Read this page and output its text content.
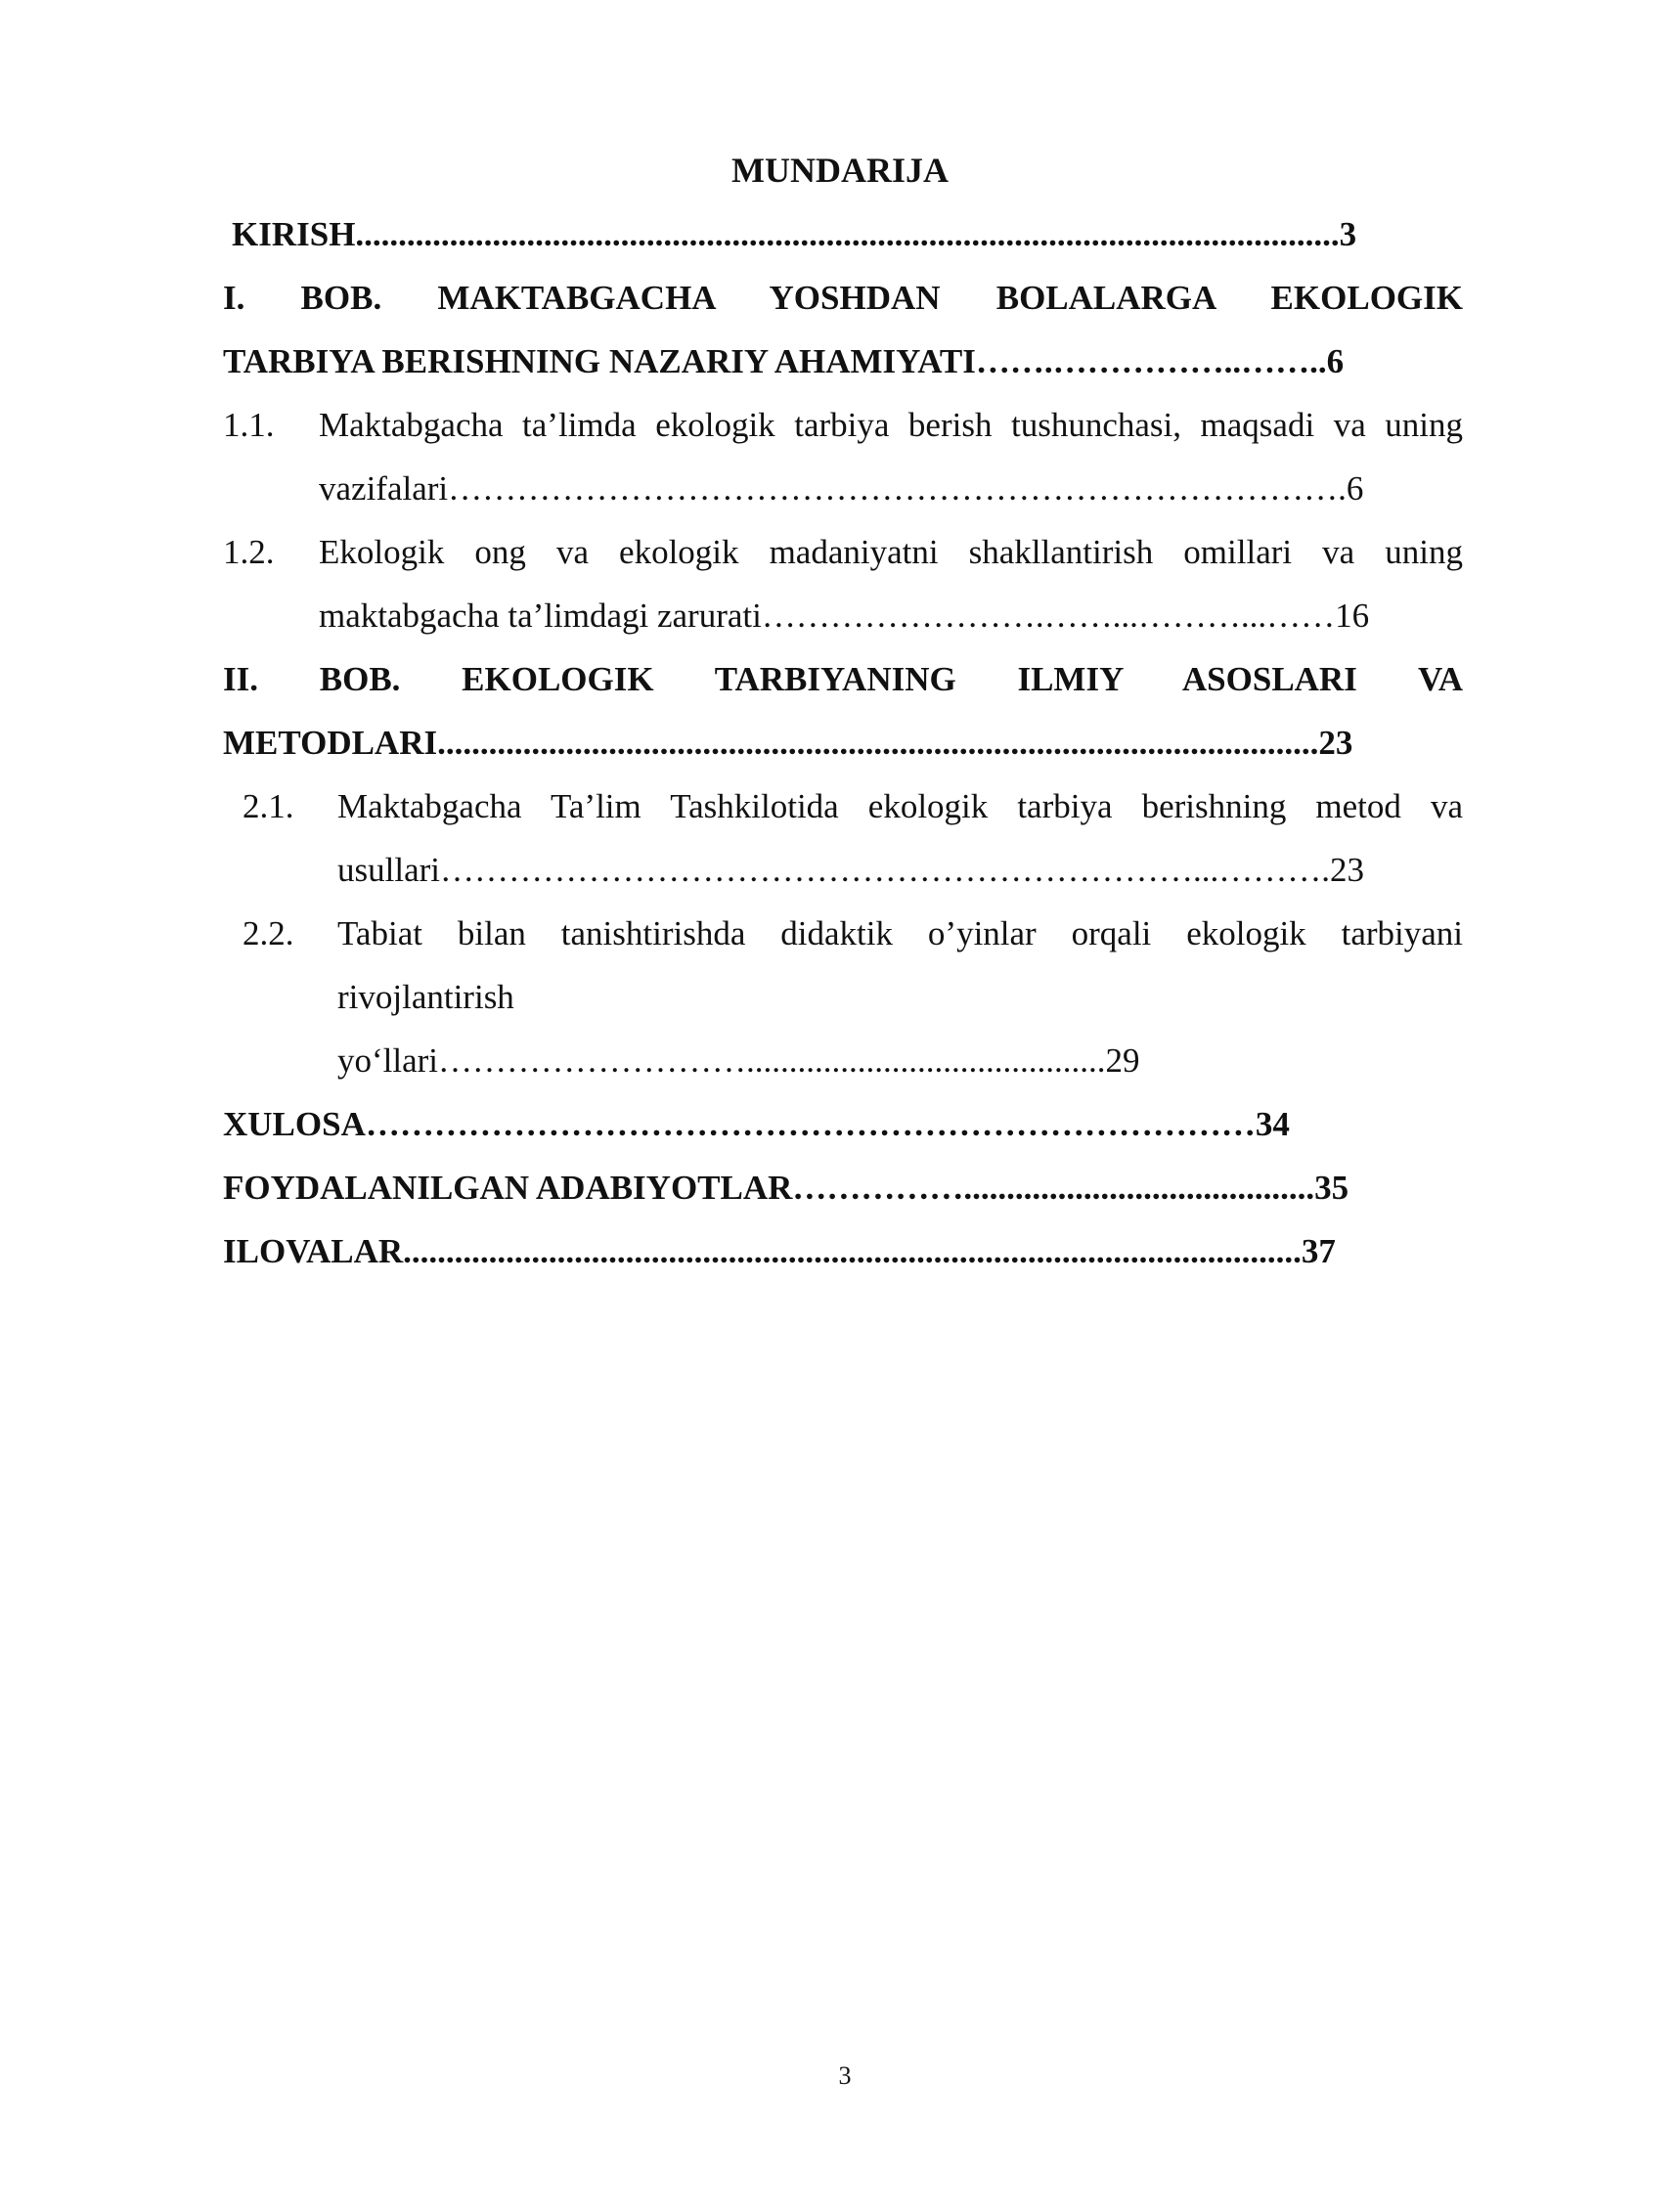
MUNDARIJA
KIRISH...................................................................................................................3
I. BOB. MAKTABGACHA YOSHDAN BOLALARGA EKOLOGIK
TARBIYA BERISHNING NAZARIY AHAMIYATI…….……………..……..6
1.1. Maktabgacha ta’limda ekologik tarbiya berish tushunchasi, maqsadi va uning
vazifalari…………………………………………………………………….6
1.2. Ekologik ong va ekologik madaniyatni shakllantirish omillari va uning
maktabgacha ta’limdagi zarurati…………………….……...………...……16
II. BOB. EKOLOGIK TARBIYANING ILMIY ASOSLARI VA
METODLARI.......................................................................................................23
2.1. Maktabgacha Ta’lim Tashkilotida ekologik tarbiya berishning metod va
usullari…………………………………………………………...……….23
2.2. Tabiat bilan tanishtirishda didaktik o’yinlar orqali ekologik tarbiyani
rivojlantirish
yo‘llari………………………..........................................29
XULOSA……………………………………………………………………34
FOYDALANILGAN ADABIYOTLAR…………….........................................35
ILOVALAR.........................................................................................................37
3
